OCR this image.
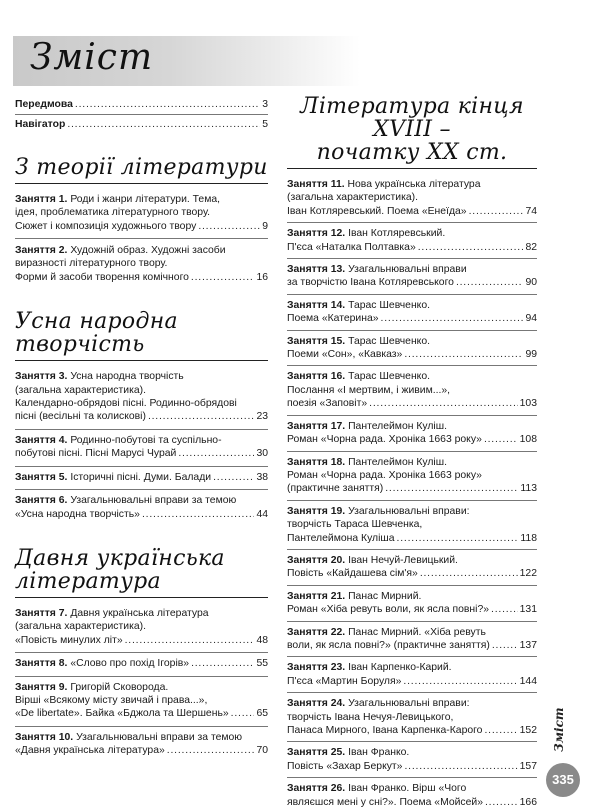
Зміст
Передмова .....	3
Навігатор .....	5
З теорії літератури
Заняття 1. Роди і жанри літератури. Тема,
ідея, проблематика літературного твору.
Сюжет і композиція художнього твору .....	9
Заняття 2. Художній образ. Художні засоби
виразності літературного твору.
Форми й засоби творення комічного .....	16
Усна народна творчість
Заняття 3. Усна народна творчість
(загальна характеристика).
Календарно-обрядові пісні. Родинно-обрядові
пісні (весільні та колискові) .....	23
Заняття 4. Родинно-побутові та суспільно-
побутові пісні. Пісні Марусі Чурай .....	30
Заняття 5. Історичні пісні. Думи. Балади .....	38
Заняття 6. Узагальнювальні вправи за темою
«Усна народна творчість» .....	44
Давня українська
література
Заняття 7. Давня українська література
(загальна характеристика).
«Повість минулих літ» .....	48
Заняття 8. «Слово про похід Ігорів» .....	55
Заняття 9. Григорій Сковорода.
Вірші «Всякому місту звичай і права...»,
«De libertate». Байка «Бджола та Шершень» .....	65
Заняття 10. Узагальнювальні вправи за темою
«Давня українська література» .....	70
Література кінця XVIII –
початку XX ст.
Заняття 11. Нова українська література
(загальна характеристика).
Іван Котляревський. Поема «Енеїда» .....	74
Заняття 12. Іван Котляревський.
П'єса «Наталка Полтавка» .....	82
Заняття 13. Узагальнювальні вправи
за творчістю Івана Котляревського .....	90
Заняття 14. Тарас Шевченко.
Поема «Катерина» .....	94
Заняття 15. Тарас Шевченко.
Поеми «Сон», «Кавказ» .....	99
Заняття 16. Тарас Шевченко.
Послання «І мертвим, і живим...»,
поезія «Заповіт» .....	103
Заняття 17. Пантелеймон Куліш.
Роман «Чорна рада. Хроніка 1663 року» .....	108
Заняття 18. Пантелеймон Куліш.
Роман «Чорна рада. Хроніка 1663 року»
(практичне заняття) .....	113
Заняття 19. Узагальнювальні вправи:
творчість Тараса Шевченка,
Пантелеймона Куліша .....	118
Заняття 20. Іван Нечуй-Левицький.
Повість «Кайдашева сім'я» .....	122
Заняття 21. Панас Мирний.
Роман «Хіба ревуть воли, як ясла повні?» .....	131
Заняття 22. Панас Мирний. «Хіба ревуть
воли, як ясла повні?» (практичне заняття) .....	137
Заняття 23. Іван Карпенко-Карий.
П'єса «Мартин Боруля» .....	144
Заняття 24. Узагальнювальні вправи:
творчість Івана Нечуя-Левицького,
Панаса Мирного, Івана Карпенка-Карого .....	152
Заняття 25. Іван Франко.
Повість «Захар Беркут» .....	157
Заняття 26. Іван Франко. Вірш «Чого
являєшся мені у сні?». Поема «Мойсей» .....	166
Зміст
335
